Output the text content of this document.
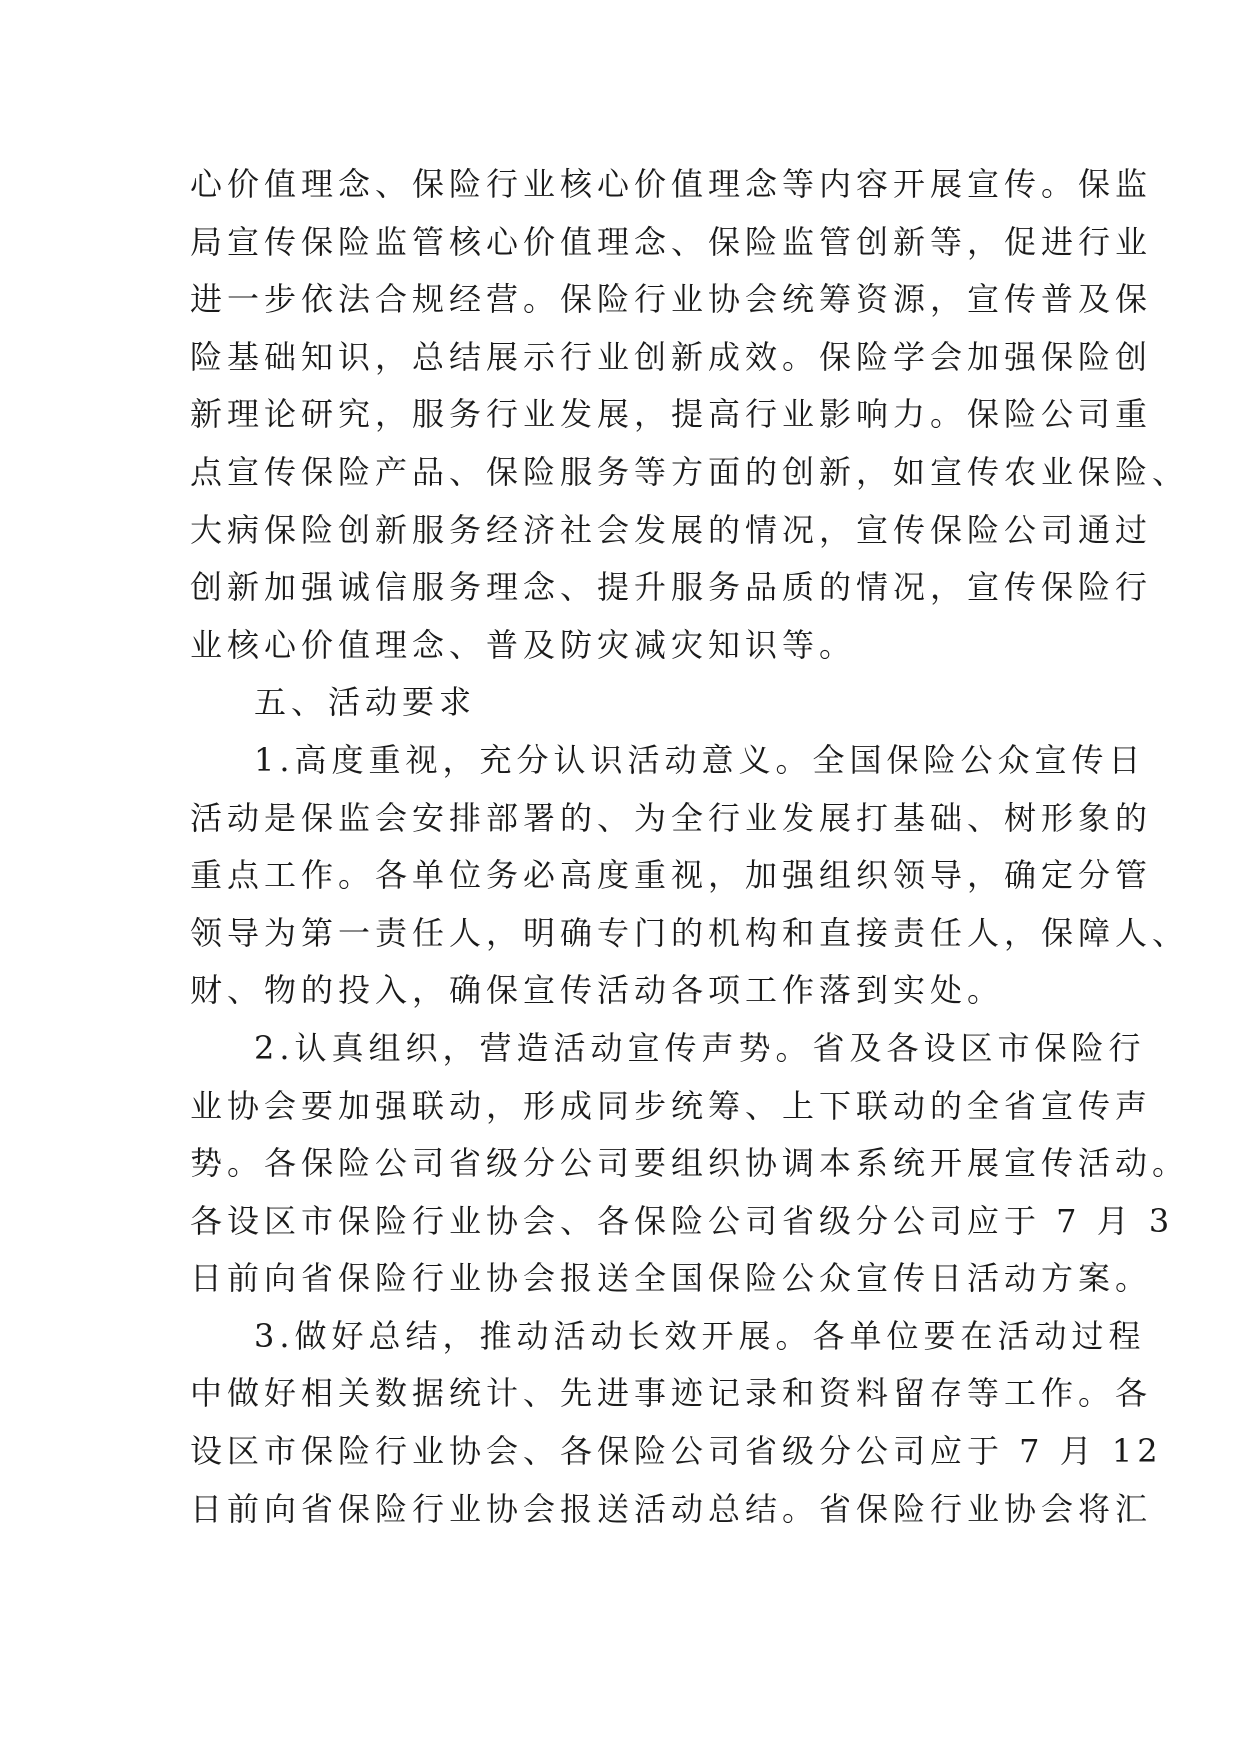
心价值理念、保险行业核心价值理念等内容开展宣传。保监
局宣传保险监管核心价值理念、保险监管创新等，促进行业
进一步依法合规经营。保险行业协会统筹资源，宣传普及保
险基础知识，总结展示行业创新成效。保险学会加强保险创
新理论研究，服务行业发展，提高行业影响力。保险公司重
点宣传保险产品、保险服务等方面的创新，如宣传农业保险、
大病保险创新服务经济社会发展的情况，宣传保险公司通过
创新加强诚信服务理念、提升服务品质的情况，宣传保险行
业核心价值理念、普及防灾减灾知识等。
五、活动要求
1.高度重视，充分认识活动意义。全国保险公众宣传日
活动是保监会安排部署的、为全行业发展打基础、树形象的
重点工作。各单位务必高度重视，加强组织领导，确定分管
领导为第一责任人，明确专门的机构和直接责任人，保障人、
财、物的投入，确保宣传活动各项工作落到实处。
2.认真组织，营造活动宣传声势。省及各设区市保险行
业协会要加强联动，形成同步统筹、上下联动的全省宣传声
势。各保险公司省级分公司要组织协调本系统开展宣传活动。
各设区市保险行业协会、各保险公司省级分公司应于 7 月 3
日前向省保险行业协会报送全国保险公众宣传日活动方案。
3.做好总结，推动活动长效开展。各单位要在活动过程
中做好相关数据统计、先进事迹记录和资料留存等工作。各
设区市保险行业协会、各保险公司省级分公司应于 7 月 12
日前向省保险行业协会报送活动总结。省保险行业协会将汇
